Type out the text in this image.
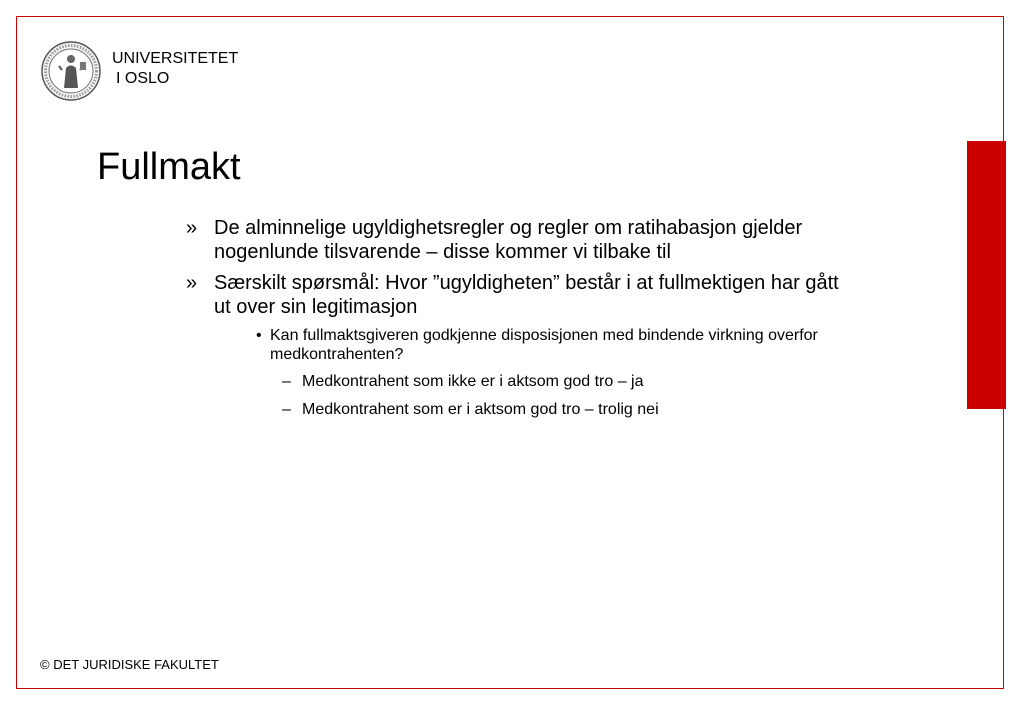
UNIVERSITETET
I OSLO
Fullmakt
» De alminnelige ugyldighetsregler og regler om ratihabasjon gjelder nogenlunde tilsvarende – disse kommer vi tilbake til
» Særskilt spørsmål: Hvor ”ugyldigheten” består i at fullmektigen har gått ut over sin legitimasjon
• Kan fullmaktsgiveren godkjenne disposisjonen med bindende virkning overfor medkontrahenten?
– Medkontrahent som ikke er i aktsom god tro – ja
– Medkontrahent som er i aktsom god tro – trolig nei
© DET JURIDISKE FAKULTET
